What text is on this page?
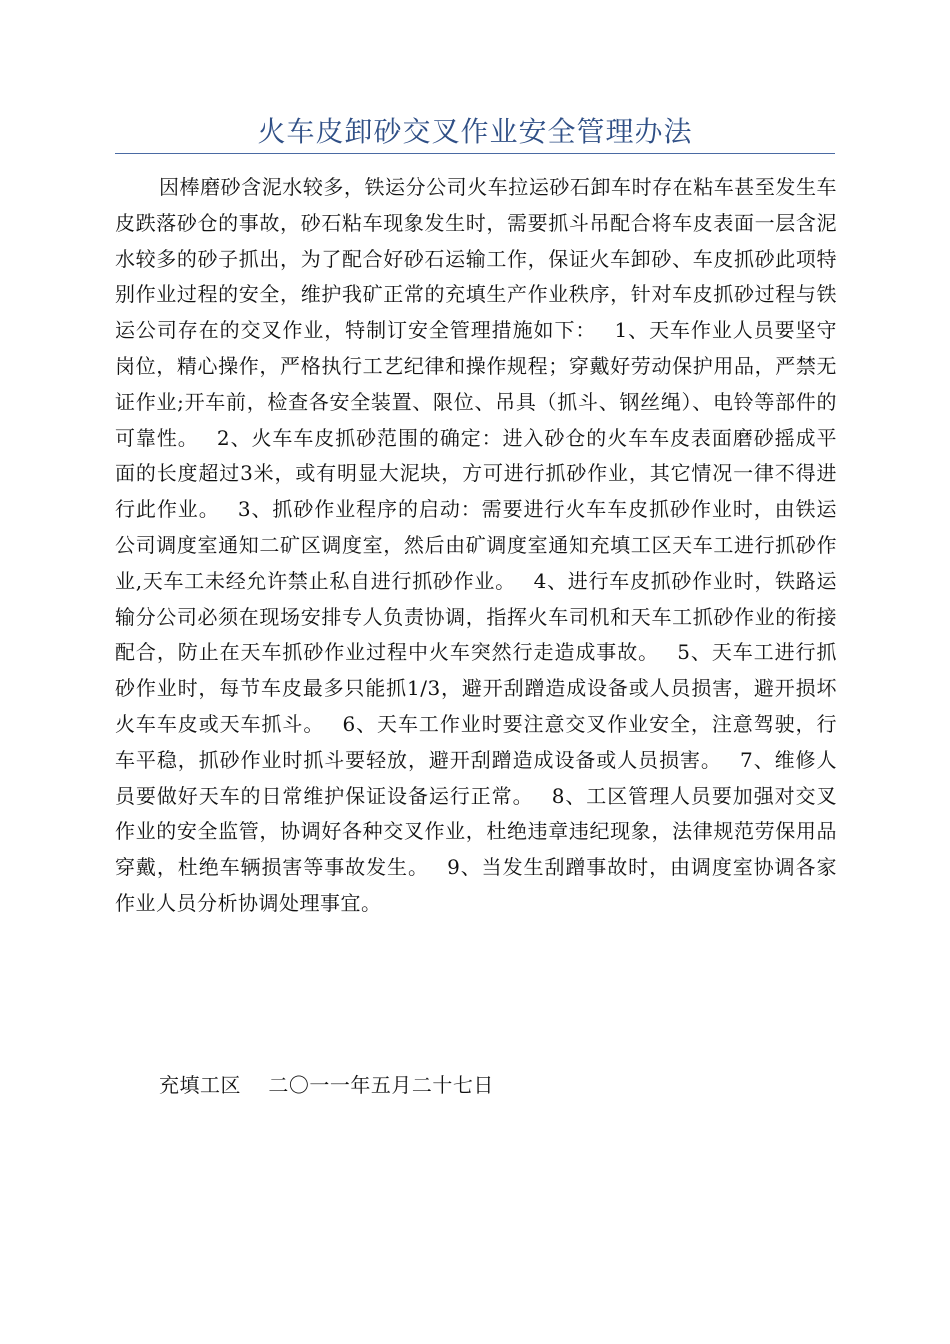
火车皮卸砂交叉作业安全管理办法

因棒磨砂含泥水较多，铁运分公司火车拉运砂石卸车时存在粘车甚至发生车皮跌落砂仓的事故，砂石粘车现象发生时，需要抓斗吊配合将车皮表面一层含泥水较多的砂子抓出，为了配合好砂石运输工作，保证火车卸砂、车皮抓砂此项特别作业过程的安全，维护我矿正常的充填生产作业秩序，针对车皮抓砂过程与铁运公司存在的交叉作业，特制订安全管理措施如下：　 1、天车作业人员要坚守岗位，精心操作，严格执行工艺纪律和操作规程；穿戴好劳动保护用品，严禁无证作业;开车前，检查各安全装置、限位、吊具（抓斗、钢丝绳）、电铃等部件的可靠性。　 2、火车车皮抓砂范围的确定：进入砂仓的火车车皮表面磨砂摇成平面的长度超过3米，或有明显大泥块，方可进行抓砂作业，其它情况一律不得进行此作业。　 3、抓砂作业程序的启动：需要进行火车车皮抓砂作业时，由铁运公司调度室通知二矿区调度室，然后由矿调度室通知充填工区天车工进行抓砂作业,天车工未经允许禁止私自进行抓砂作业。　 4、进行车皮抓砂作业时，铁路运输分公司必须在现场安排专人负责协调，指挥火车司机和天车工抓砂作业的衔接配合，防止在天车抓砂作业过程中火车突然行走造成事故。　 5、天车工进行抓砂作业时，每节车皮最多只能抓1/3，避开刮蹭造成设备或人员损害，避开损坏火车车皮或天车抓斗。　 6、天车工作业时要注意交叉作业安全，注意驾驶，行车平稳，抓砂作业时抓斗要轻放，避开刮蹭造成设备或人员损害。　 7、维修人员要做好天车的日常维护保证设备运行正常。　 8、工区管理人员要加强对交叉作业的安全监管，协调好各种交叉作业，杜绝违章违纪现象，法律规范劳保用品穿戴，杜绝车辆损害等事故发生。　 9、当发生刮蹭事故时，由调度室协调各家作业人员分析协调处理事宜。

充填工区　 二〇一一年五月二十七日
